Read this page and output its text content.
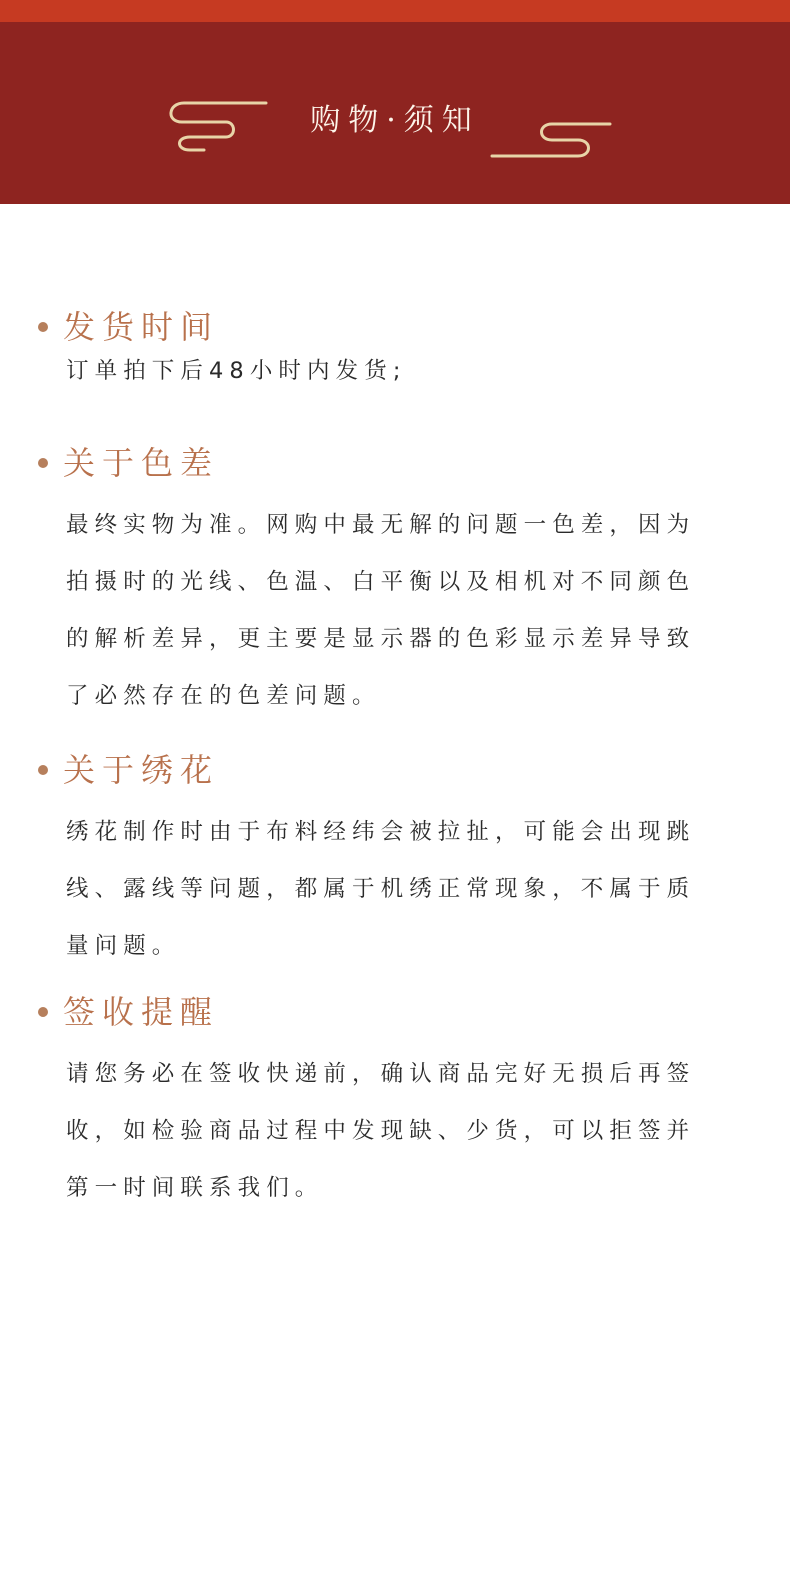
购物·须知
发货时间
订单拍下后48小时内发货;
关于色差
最终实物为准。网购中最无解的问题一色差，因为拍摄时的光线、色温、白平衡以及相机对不同颜色的解析差异，更主要是显示器的色彩显示差异导致了必然存在的色差问题。
关于绣花
绣花制作时由于布料经纬会被拉扯，可能会出现跳线、露线等问题，都属于机绣正常现象，不属于质量问题。
签收提醒
请您务必在签收快递前，确认商品完好无损后再签收，如检验商品过程中发现缺、少货，可以拒签并第一时间联系我们。
